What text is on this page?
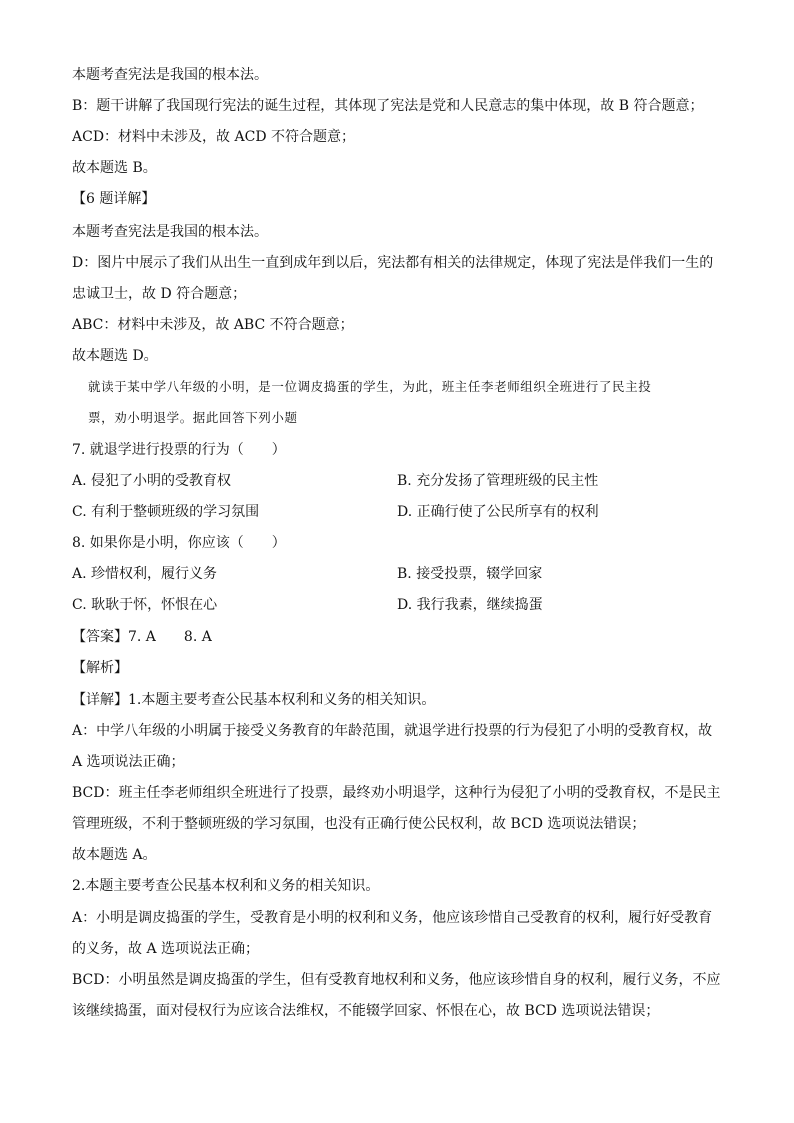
本题考查宪法是我国的根本法。
B：题干讲解了我国现行宪法的诞生过程，其体现了宪法是党和人民意志的集中体现，故 B 符合题意；
ACD：材料中未涉及，故 ACD 不符合题意；
故本题选 B。
【6 题详解】
本题考查宪法是我国的根本法。
D：图片中展示了我们从出生一直到成年到以后，宪法都有相关的法律规定，体现了宪法是伴我们一生的
忠诚卫士，故 D 符合题意；
ABC：材料中未涉及，故 ABC 不符合题意；
故本题选 D。
就读于某中学八年级的小明，是一位调皮捣蛋的学生，为此，班主任李老师组织全班进行了民主投
票，劝小明退学。据此回答下列小题
7. 就退学进行投票的行为（　　）
A. 侵犯了小明的受教育权	B. 充分发扬了管理班级的民主性
C. 有利于整顿班级的学习氛围	D. 正确行使了公民所享有的权利
8. 如果你是小明，你应该（　　）
A. 珍惜权利，履行义务	B. 接受投票，辍学回家
C. 耿耿于怀，怀恨在心	D. 我行我素，继续捣蛋
【答案】7. A　　8. A
【解析】
【详解】1.本题主要考查公民基本权利和义务的相关知识。
A：中学八年级的小明属于接受义务教育的年龄范围，就退学进行投票的行为侵犯了小明的受教育权，故
A 选项说法正确；
BCD：班主任李老师组织全班进行了投票，最终劝小明退学，这种行为侵犯了小明的受教育权，不是民主
管理班级，不利于整顿班级的学习氛围，也没有正确行使公民权利，故 BCD 选项说法错误；
故本题选 A。
2.本题主要考查公民基本权利和义务的相关知识。
A：小明是调皮捣蛋的学生，受教育是小明的权利和义务，他应该珍惜自己受教育的权利，履行好受教育
的义务，故 A 选项说法正确；
BCD：小明虽然是调皮捣蛋的学生，但有受教育地权利和义务，他应该珍惜自身的权利，履行义务，不应
该继续捣蛋，面对侵权行为应该合法维权，不能辍学回家、怀恨在心，故 BCD 选项说法错误；
